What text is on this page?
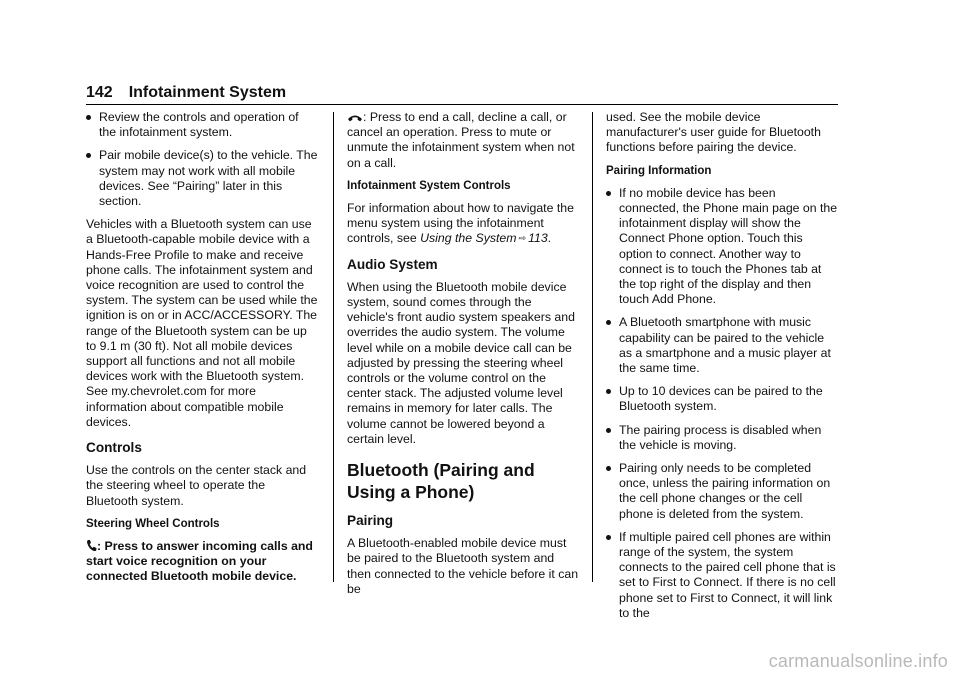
142 Infotainment System
Review the controls and operation of the infotainment system.
Pair mobile device(s) to the vehicle. The system may not work with all mobile devices. See “Pairing” later in this section.

Vehicles with a Bluetooth system can use a Bluetooth-capable mobile device with a Hands-Free Profile to make and receive phone calls. The infotainment system and voice recognition are used to control the system. The system can be used while the ignition is on or in ACC/ACCESSORY. The range of the Bluetooth system can be up to 9.1 m (30 ft). Not all mobile devices support all functions and not all mobile devices work with the Bluetooth system. See my.chevrolet.com for more information about compatible mobile devices.

Controls

Use the controls on the center stack and the steering wheel to operate the Bluetooth system.

Steering Wheel Controls

: Press to answer incoming calls and start voice recognition on your connected Bluetooth mobile device.

: Press to end a call, decline a call, or cancel an operation. Press to mute or unmute the infotainment system when not on a call.

Infotainment System Controls

For information about how to navigate the menu system using the infotainment controls, see Using the System ⇨ 113.

Audio System

When using the Bluetooth mobile device system, sound comes through the vehicle's front audio system speakers and overrides the audio system. The volume level while on a mobile device call can be adjusted by pressing the steering wheel controls or the volume control on the center stack. The adjusted volume level remains in memory for later calls. The volume cannot be lowered beyond a certain level.

Bluetooth (Pairing and Using a Phone)
Pairing

A Bluetooth-enabled mobile device must be paired to the Bluetooth system and then connected to the vehicle before it can be

used. See the mobile device manufacturer's user guide for Bluetooth functions before pairing the device.

Pairing Information
If no mobile device has been connected, the Phone main page on the infotainment display will show the Connect Phone option. Touch this option to connect. Another way to connect is to touch the Phones tab at the top right of the display and then touch Add Phone.
A Bluetooth smartphone with music capability can be paired to the vehicle as a smartphone and a music player at the same time.
Up to 10 devices can be paired to the Bluetooth system.
The pairing process is disabled when the vehicle is moving.
Pairing only needs to be completed once, unless the pairing information on the cell phone changes or the cell phone is deleted from the system.
If multiple paired cell phones are within range of the system, the system connects to the paired cell phone that is set to First to Connect. If there is no cell phone set to First to Connect, it will link to the
carmanualsonline.info
